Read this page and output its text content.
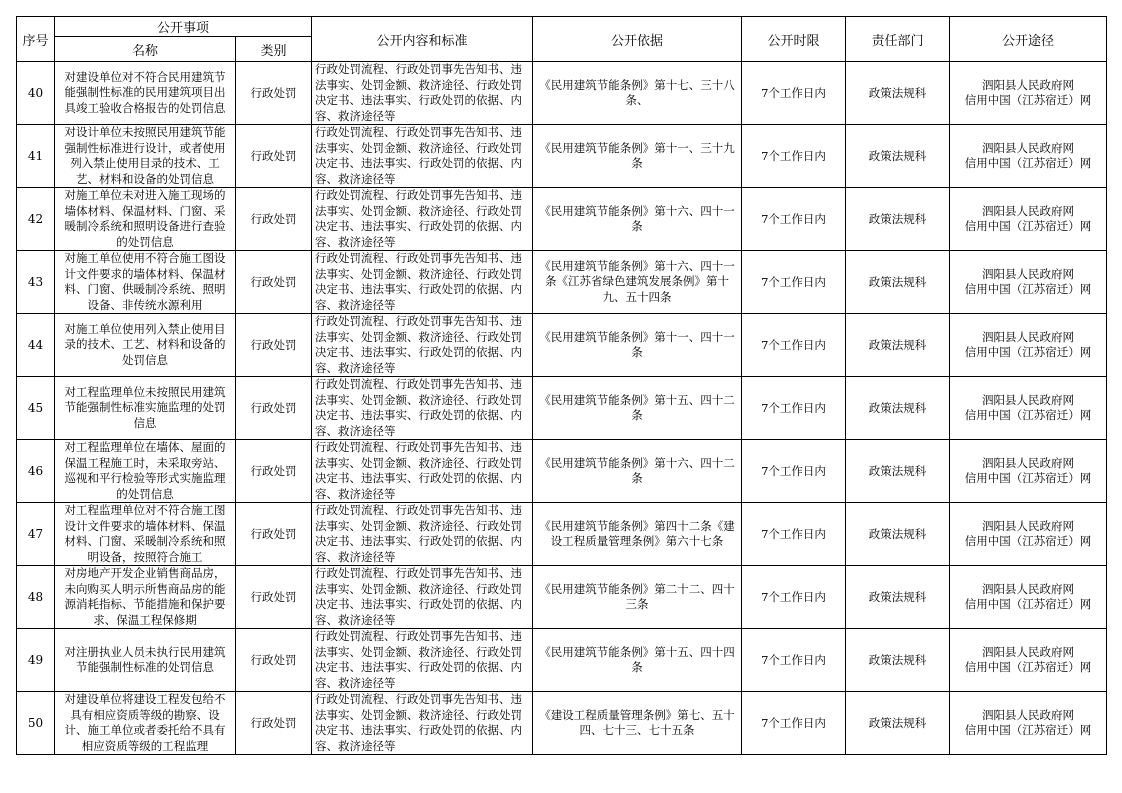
序号	公开事项		公开内容和标准	公开依据	公开时限	责任部门	公开途径
	名称	类别					
40	对建设单位对不符合民用建筑节能强制性标准的民用建筑项目出具竣工验收合格报告的处罚信息	行政处罚	行政处罚流程、行政处罚事先告知书、违法事实、处罚金额、救济途径、行政处罚决定书、违法事实、行政处罚的依据、内容、救济途径等	《民用建筑节能条例》第十七、三十八条、	7个工作日内	政策法规科	泗阳县人民政府网
信用中国（江苏宿迁）网

41	对设计单位未按照民用建筑节能强制性标准进行设计，或者使用列入禁止使用目录的技术、工艺、材料和设备的处罚信息	行政处罚	行政处罚流程、行政处罚事先告知书、违法事实、处罚金额、救济途径、行政处罚决定书、违法事实、行政处罚的依据、内容、救济途径等	《民用建筑节能条例》第十一、三十九条	7个工作日内	政策法规科	泗阳县人民政府网
信用中国（江苏宿迁）网

42	对施工单位未对进入施工现场的墙体材料、保温材料、门窗、采暖制冷系统和照明设备进行查验的处罚信息	行政处罚	行政处罚流程、行政处罚事先告知书、违法事实、处罚金额、救济途径、行政处罚决定书、违法事实、行政处罚的依据、内容、救济途径等	《民用建筑节能条例》第十六、四十一条	7个工作日内	政策法规科	泗阳县人民政府网
信用中国（江苏宿迁）网

43	对施工单位使用不符合施工图设计文件要求的墙体材料、保温材料、门窗、供暖制冷系统、照明设备、非传统水源利用	行政处罚	行政处罚流程、行政处罚事先告知书、违法事实、处罚金额、救济途径、行政处罚决定书、违法事实、行政处罚的依据、内容、救济途径等	《民用建筑节能条例》第十六、四十一条《江苏省绿色建筑发展条例》第十九、五十四条	7个工作日内	政策法规科	泗阳县人民政府网
信用中国（江苏宿迁）网

44	对施工单位使用列入禁止使用目录的技术、工艺、材料和设备的处罚信息	行政处罚	行政处罚流程、行政处罚事先告知书、违法事实、处罚金额、救济途径、行政处罚决定书、违法事实、行政处罚的依据、内容、救济途径等	《民用建筑节能条例》第十一、四十一条	7个工作日内	政策法规科	泗阳县人民政府网
信用中国（江苏宿迁）网

45	对工程监理单位未按照民用建筑节能强制性标准实施监理的处罚信息	行政处罚	行政处罚流程、行政处罚事先告知书、违法事实、处罚金额、救济途径、行政处罚决定书、违法事实、行政处罚的依据、内容、救济途径等	《民用建筑节能条例》第十五、四十二条	7个工作日内	政策法规科	泗阳县人民政府网
信用中国（江苏宿迁）网

46	对工程监理单位在墙体、屋面的保温工程施工时，未采取旁站、巡视和平行检验等形式实施监理的处罚信息	行政处罚	行政处罚流程、行政处罚事先告知书、违法事实、处罚金额、救济途径、行政处罚决定书、违法事实、行政处罚的依据、内容、救济途径等	《民用建筑节能条例》第十六、四十二条	7个工作日内	政策法规科	泗阳县人民政府网
信用中国（江苏宿迁）网

47	对工程监理单位对不符合施工图设计文件要求的墙体材料、保温材料、门窗、采暖制冷系统和照明设备，按照符合施工	行政处罚	行政处罚流程、行政处罚事先告知书、违法事实、处罚金额、救济途径、行政处罚决定书、违法事实、行政处罚的依据、内容、救济途径等	《民用建筑节能条例》第四十二条《建设工程质量管理条例》第六十七条	7个工作日内	政策法规科	泗阳县人民政府网
信用中国（江苏宿迁）网

48	对房地产开发企业销售商品房，未向购买人明示所售商品房的能源消耗指标、节能措施和保护要求、保温工程保修期	行政处罚	行政处罚流程、行政处罚事先告知书、违法事实、处罚金额、救济途径、行政处罚决定书、违法事实、行政处罚的依据、内容、救济途径等	《民用建筑节能条例》第二十二、四十三条	7个工作日内	政策法规科	泗阳县人民政府网
信用中国（江苏宿迁）网

49	对注册执业人员未执行民用建筑节能强制性标准的处罚信息	行政处罚	行政处罚流程、行政处罚事先告知书、违法事实、处罚金额、救济途径、行政处罚决定书、违法事实、行政处罚的依据、内容、救济途径等	《民用建筑节能条例》第十五、四十四条	7个工作日内	政策法规科	泗阳县人民政府网
信用中国（江苏宿迁）网

50	对建设单位将建设工程发包给不具有相应资质等级的勘察、设计、施工单位或者委托给不具有相应资质等级的工程监理	行政处罚	行政处罚流程、行政处罚事先告知书、违法事实、处罚金额、救济途径、行政处罚决定书、违法事实、行政处罚的依据、内容、救济途径等	《建设工程质量管理条例》第七、五十四、七十三、七十五条	7个工作日内	政策法规科	泗阳县人民政府网
信用中国（江苏宿迁）网
